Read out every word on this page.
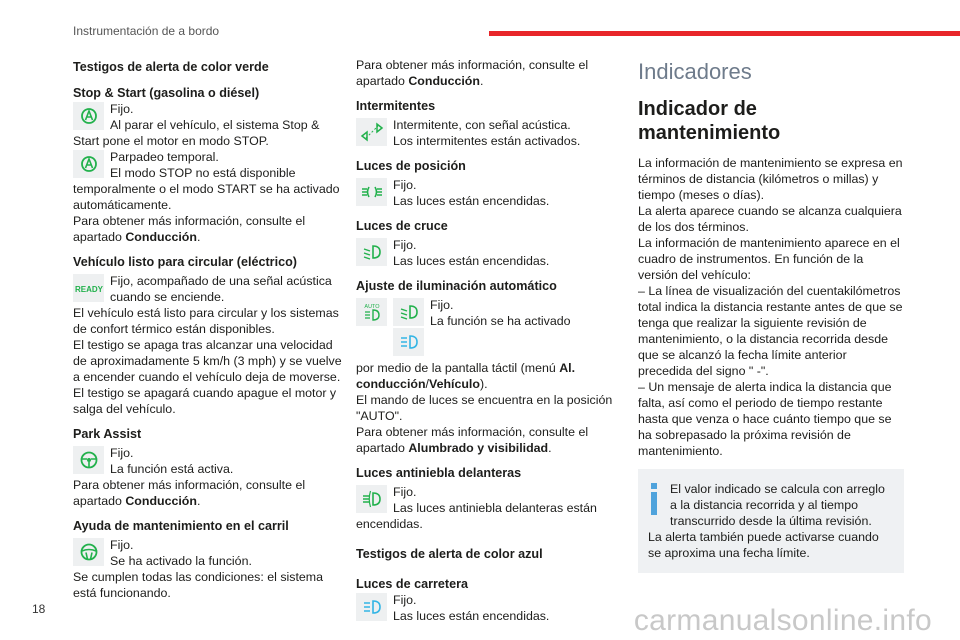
Instrumentación de a bordo
Testigos de alerta de color verde
Stop & Start (gasolina o diésel)

Fijo.

Al parar el vehículo, el sistema Stop &

Start pone el motor en modo STOP.

Parpadeo temporal.

El modo STOP no está disponible

temporalmente o el modo START se ha activado automáticamente.

Para obtener más información, consulte el apartado Conducción.

Vehículo listo para circular (eléctrico)
READY

Fijo, acompañado de una señal acústica

cuando se enciende.

El vehículo está listo para circular y los sistemas de confort térmico están disponibles.

El testigo se apaga tras alcanzar una velocidad de aproximadamente 5 km/h (3 mph) y se vuelve a encender cuando el vehículo deja de moverse.

El testigo se apagará cuando apague el motor y salga del vehículo.

Park Assist

Fijo.

La función está activa.

Para obtener más información, consulte el apartado Conducción.

Ayuda de mantenimiento en el carril

Fijo.

Se ha activado la función.

Se cumplen todas las condiciones: el sistema está funcionando.

Para obtener más información, consulte el apartado Conducción.

Intermitentes

Intermitente, con señal acústica.

Los intermitentes están activados.

Luces de posición

Fijo.

Las luces están encendidas.

Luces de cruce

Fijo.

Las luces están encendidas.

Ajuste de iluminación automático
AUTO	Fijo.

La función se ha activado

por medio de la pantalla táctil (menú Al. conducción/Vehículo).

El mando de luces se encuentra en la posición "AUTO".

Para obtener más información, consulte el apartado Alumbrado y visibilidad.

Luces antiniebla delanteras

Fijo.

Las luces antiniebla delanteras están encendidas.

Testigos de alerta de color azul
Luces de carretera

Fijo.

Las luces están encendidas.

Indicadores
Indicador de mantenimiento

La información de mantenimiento se expresa en términos de distancia (kilómetros o millas) y tiempo (meses o días).

La alerta aparece cuando se alcanza cualquiera de los dos términos.

La información de mantenimiento aparece en el cuadro de instrumentos. En función de la versión del vehículo:

– La línea de visualización del cuentakilómetros total indica la distancia restante antes de que se tenga que realizar la siguiente revisión de mantenimiento, o la distancia recorrida desde que se alcanzó la fecha límite anterior precedida del signo " -".

– Un mensaje de alerta indica la distancia que falta, así como el periodo de tiempo restante hasta que venza o hace cuánto tiempo que se ha sobrepasado la próxima revisión de mantenimiento.

El valor indicado se calcula con arreglo a la distancia recorrida y al tiempo transcurrido desde la última revisión.

La alerta también puede activarse cuando se aproxima una fecha límite.

18	carmanualsonline.info
